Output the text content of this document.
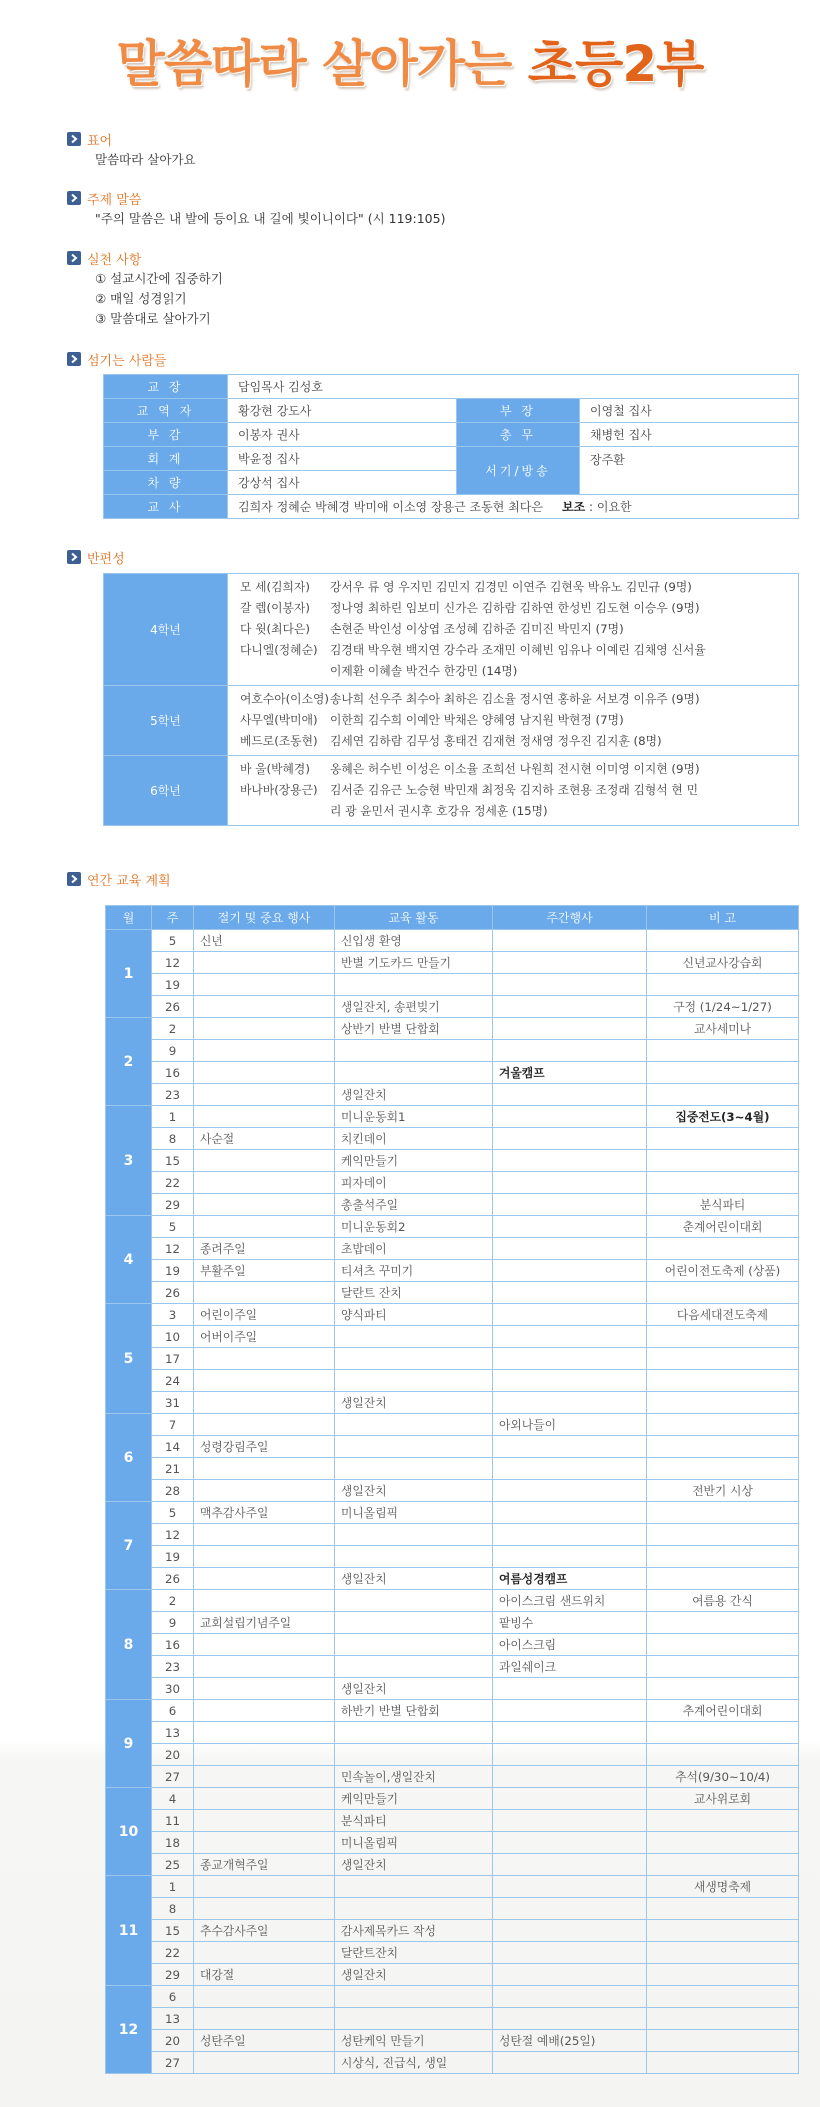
말씀따라 살아가는 초등2부
표어
말씀따라 살아가요
주제 말씀
"주의 말씀은 내 발에 등이요 내 길에 빛이니이다" (시 119:105)
실천 사항
① 설교시간에 집중하기
② 매일 성경읽기
③ 말씀대로 살아가기
섬기는 사람들
교 장	담임목사 김성호		
교 역 자	황강현 강도사	부 장	이영철 집사
부 감	이봉자 권사	총 무	채병헌 집사
회 계	박윤정 집사	서기/방송	장주환
차 량	강상석 집사		
교 사	김희자 정혜순 박혜경 박미애 이소영 장용근 조동현 최다은 보조 : 이요한		
반편성
4학년	모 세(김희자) 강서우 류 영 우지민 김민지 김경민 이연주 김현욱 박유노 김민규 (9명)
갈 렙(이봉자) 정나영 최하린 임보미 신가은 김하람 김하연 한성빈 김도현 이승우 (9명)
다 윗(최다은) 손현준 박인성 이상엽 조성혜 김하준 김미진 박민지 (7명)
다니엘(정혜순) 김경태 박우현 백지연 강수라 조재민 이혜빈 임유나 이예린 김채영 신서율
이제환 이혜솔 박건수 한강민 (14명)

5학년	여호수아(이소영)송나희 선우주 최수아 최하은 김소율 정시연 홍하윤 서보경 이유주 (9명)
사무엘(박미애) 이한희 김수희 이예안 박채은 양혜영 남지원 박현정 (7명)
베드로(조동현) 김세연 김하람 김무성 홍태건 김재현 정새영 정우진 김지훈 (8명)

6학년	바 울(박혜경) 옹혜은 허수빈 이성은 이소율 조희선 나원희 전시현 이미영 이지현 (9명)
바나바(장용근) 김서준 김유근 노승현 박민재 최정욱 김지하 조현용 조정래 김형석 현 민
리 광 윤민서 권시후 호강유 정세훈 (15명)
연간 교육 계획
월	주	절기 및 중요 행사	교육 활동	주간행사	비 고
1	5	신년	신입생 환영		
	12		반별 기도카드 만들기		신년교사강습회
	19				
	26		생일잔치, 송편빚기		구정 (1/24~1/27)
2	2		상반기 반별 단합회		교사세미나
	9				
	16			겨울캠프	
	23		생일잔치		
3	1		미니운동회1		집중전도(3~4월)
	8	사순절	치킨데이		
	15		케익만들기		
	22		피자데이		
	29		총출석주일		분식파티
4	5		미니운동회2		춘계어린이대회
	12	종려주일	초밥데이		
	19	부활주일	티셔츠 꾸미기		어린이전도축제 (상품)
	26		달란트 잔치		
5	3	어린이주일	양식파티		다음세대전도축제
	10	어버이주일			
	17				
	24				
	31		생일잔치		
6	7			아외나들이	
	14	성령강림주일			
	21				
	28		생일잔치		전반기 시상
7	5	맥추감사주일	미니올림픽		
	12				
	19				
	26		생일잔치	여름성경캠프	
8	2			아이스크림 샌드위치	여름용 간식
	9	교회설립기념주일		팥빙수	
	16			아이스크림	
	23			과일쉐이크	
	30		생일잔치		
9	6		하반기 반별 단합회		추계어린이대회
	13				
	20				
	27		민속놀이,생일잔치		추석(9/30~10/4)
10	4		케익만들기		교사위로회
	11		분식파티		
	18		미니올림픽		
	25	종교개혁주일	생일잔치		
11	1				새생명축제
	8				
	15	추수감사주일	감사제목카드 작성		
	22		달란트잔치		
	29	대강절	생일잔치		
12	6				
	13				
	20	성탄주일	성탄케익 만들기	성탄절 예배(25일)	
	27		시상식, 진급식, 생일		
